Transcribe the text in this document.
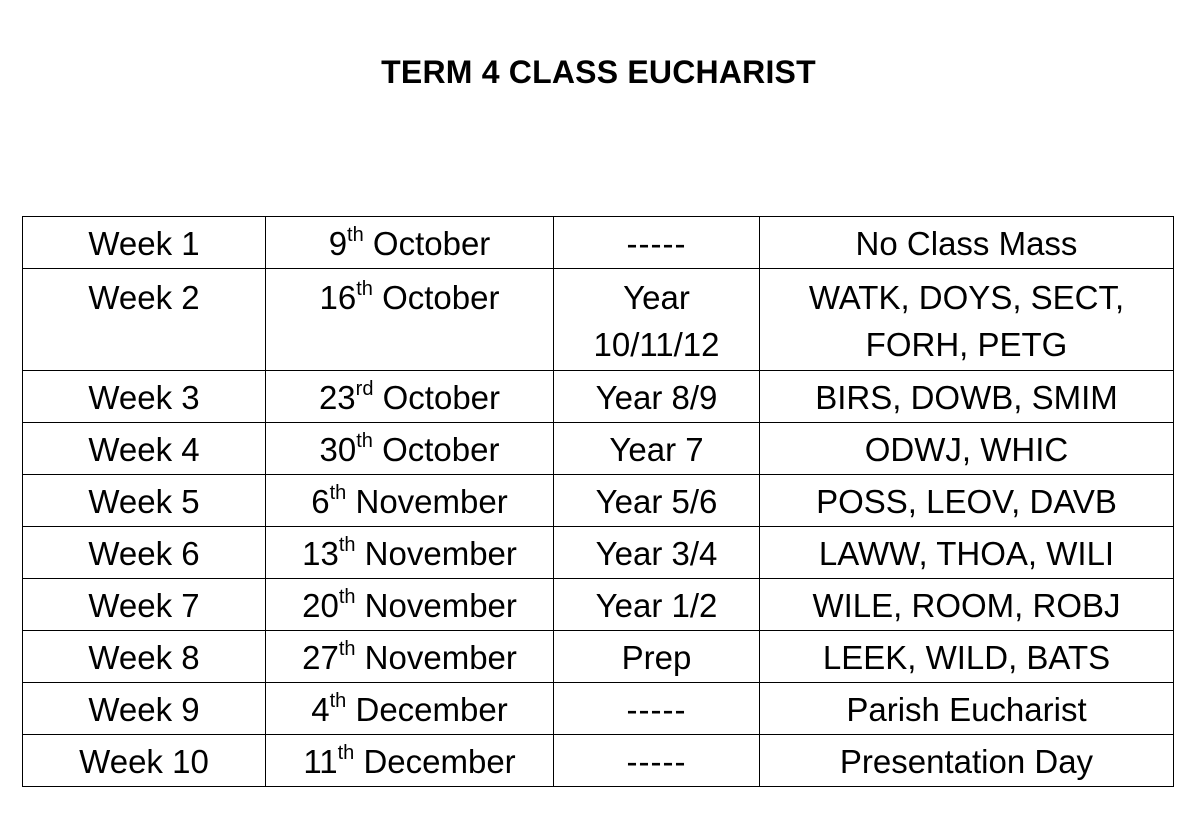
TERM 4 CLASS EUCHARIST
Week 1	9th October	-----	No Class Mass
Week 2	16th October	Year 10/11/12	WATK, DOYS, SECT, FORH, PETG
Week 3	23rd October	Year 8/9	BIRS, DOWB, SMIM
Week 4	30th October	Year 7	ODWJ, WHIC
Week 5	6th November	Year 5/6	POSS, LEOV, DAVB
Week 6	13th November	Year 3/4	LAWW, THOA, WILI
Week 7	20th November	Year 1/2	WILE, ROOM, ROBJ
Week 8	27th November	Prep	LEEK, WILD, BATS
Week 9	4th December	-----	Parish Eucharist
Week 10	11th December	-----	Presentation Day
